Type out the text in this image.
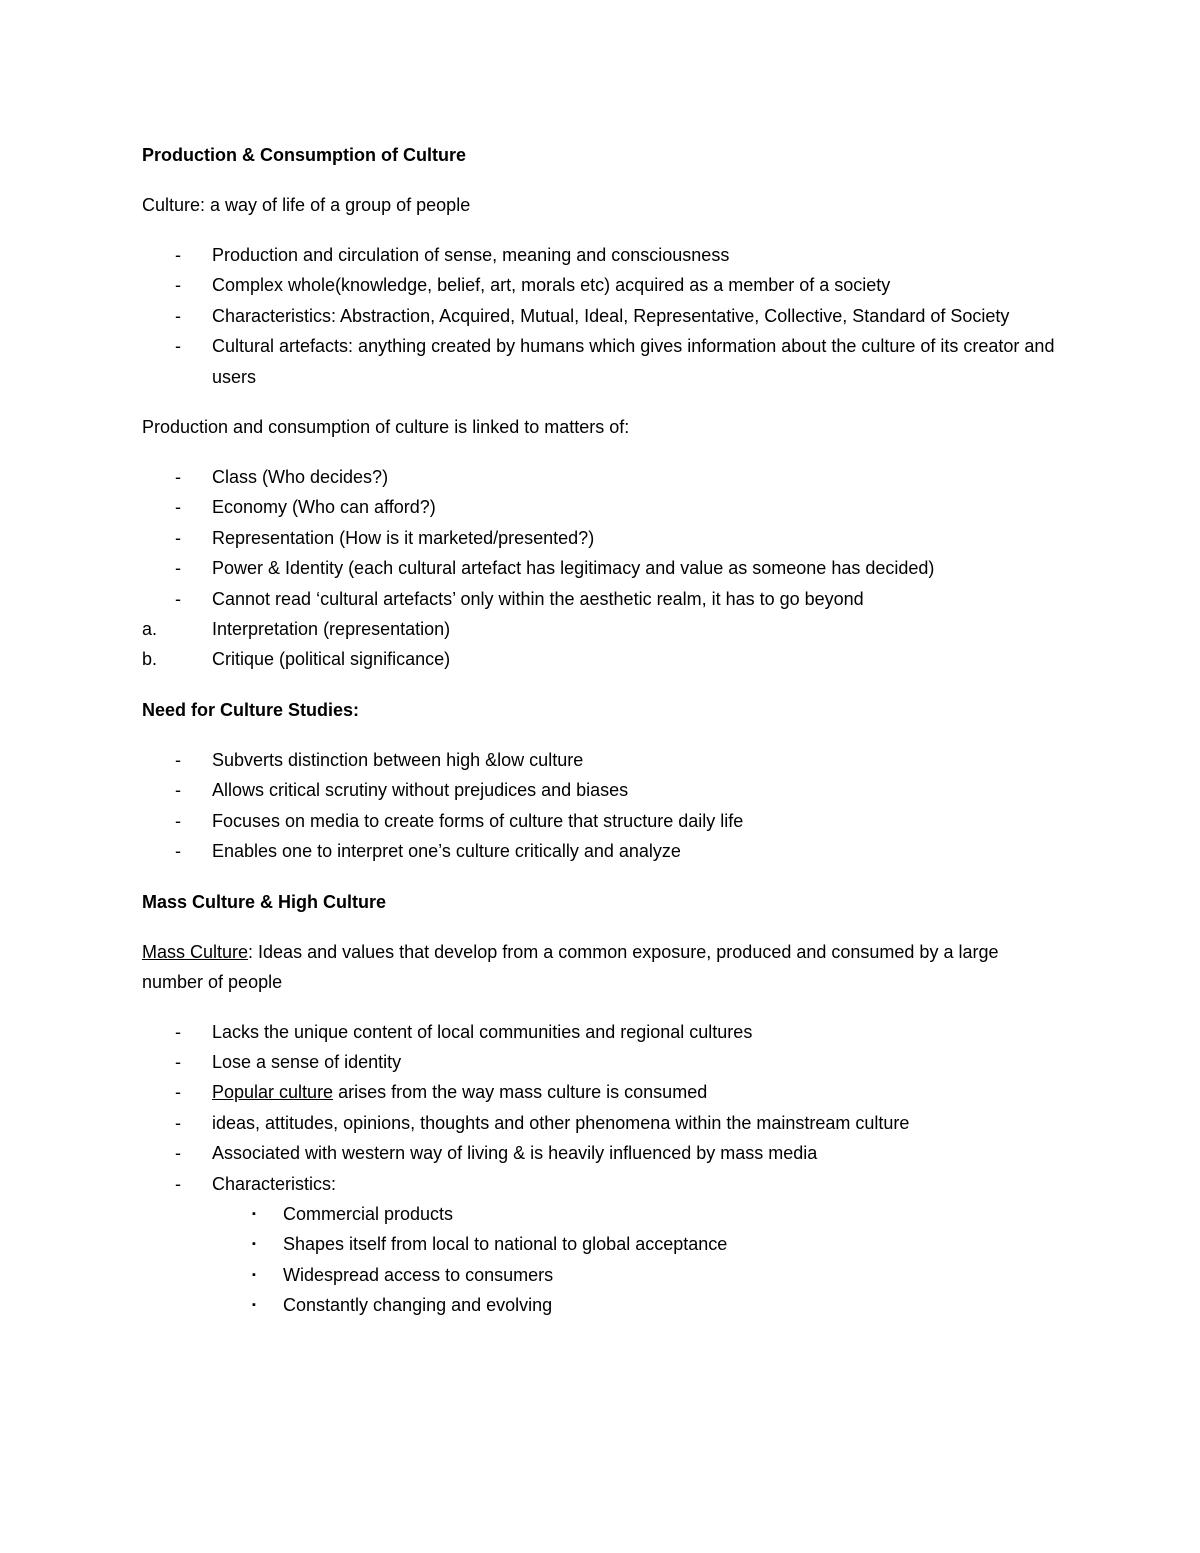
Production & Consumption of Culture
Culture: a way of life of a group of people
- Production and circulation of sense, meaning and consciousness
- Complex whole(knowledge, belief, art, morals etc) acquired as a member of a society
- Characteristics: Abstraction, Acquired, Mutual, Ideal, Representative, Collective, Standard of Society
- Cultural artefacts: anything created by humans which gives information about the culture of its creator and users
Production and consumption of culture is linked to matters of:
- Class (Who decides?)
- Economy (Who can afford?)
- Representation (How is it marketed/presented?)
- Power & Identity (each cultural artefact has legitimacy and value as someone has decided)
- Cannot read ‘cultural artefacts’ only within the aesthetic realm, it has to go beyond
a.	Interpretation (representation)
b.	Critique (political significance)
Need for Culture Studies:
- Subverts distinction between high &low culture
- Allows critical scrutiny without prejudices and biases
- Focuses on media to create forms of culture that structure daily life
- Enables one to interpret one’s culture critically and analyze
Mass Culture & High Culture
Mass Culture: Ideas and values that develop from a common exposure, produced and consumed by a large number of people
- Lacks the unique content of local communities and regional cultures
- Lose a sense of identity
- Popular culture arises from the way mass culture is consumed
- ideas, attitudes, opinions, thoughts and other phenomena within the mainstream culture
- Associated with western way of living & is heavily influenced by mass media
- Characteristics:
▪ Commercial products
▪ Shapes itself from local to national to global acceptance
▪ Widespread access to consumers
▪ Constantly changing and evolving
